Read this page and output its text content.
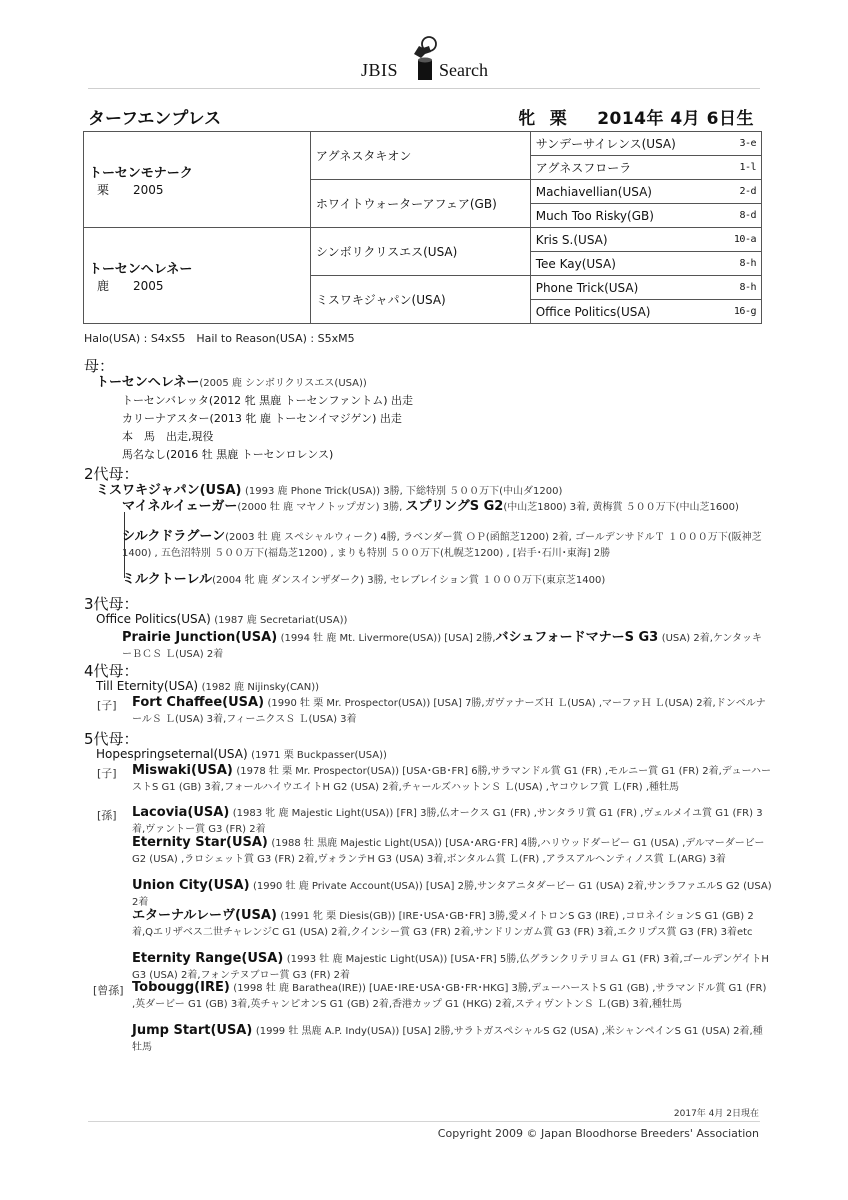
JBIS Search
ターフエンプレス	牝 栗 2014年 4月 6日生
トーセンモナーク
栗　　2005	アグネスタキオン	サンデーサイレンス(USA)	3-e
		アグネスフローラ	1-l
	ホワイトウォーターアフェア(GB)	Machiavellian(USA)	2-d
		Much Too Risky(GB)	8-d

トーセンヘレネー
鹿　　2005	シンボリクリスエス(USA)	Kris S.(USA)	10-a
		Tee Kay(USA)	8-h
	ミスワキジャパン(USA)	Phone Trick(USA)	8-h
		Office Politics(USA)	16-g
Halo(USA) : S4xS5　Hail to Reason(USA) : S5xM5
母：
トーセンヘレネー(2005 鹿 シンボリクリスエス(USA))
トーセンバレッタ(2012 牝 黒鹿 トーセンファントム) 出走
カリーナアスター(2013 牝 鹿 トーセンイマジゲン) 出走
本　馬　出走,現役
馬名なし(2016 牡 黒鹿 トーセンロレンス)
2代母：
ミスワキジャパン(USA) (1993 鹿 Phone Trick(USA)) 3勝, 下総特別 ５００万下(中山ダ1200)
マイネルイェーガー(2000 牡 鹿 マヤノトップガン) 3勝, スプリングS G2(中山芝1800) 3着, 黄梅賞 ５００万下(中山芝1600)
シルクドラグーン(2003 牡 鹿 スペシャルウィーク) 4勝, ラベンダー賞 ＯＰ(函館芝1200) 2着, ゴールデンサドルＴ １０００万下(阪神芝1400) , 五色沼特別 ５００万下(福島芝1200) , まりも特別 ５００万下(札幌芝1200) , [岩手･石川･東海] 2勝
ミルクトーレル(2004 牝 鹿 ダンスインザダーク) 3勝, セレブレイション賞 １０００万下(東京芝1400)
3代母：
Office Politics(USA) (1987 鹿 Secretariat(USA))
Prairie Junction(USA) (1994 牡 鹿 Mt. Livermore(USA)) [USA] 2勝,バシュフォードマナーS G3 (USA) 2着,ケンタッキーＢＣＳ Ｌ(USA) 2着
4代母：
Till Eternity(USA) (1982 鹿 Nijinsky(CAN))
[子] Fort Chaffee(USA) (1990 牡 栗 Mr. Prospector(USA)) [USA] 7勝,ガヴァナーズＨ Ｌ(USA) ,マーファＨ Ｌ(USA) 2着,ドンベルナールＳ Ｌ(USA) 3着,フィーニクスＳ Ｌ(USA) 3着
5代母：
Hopespringseternal(USA) (1971 栗 Buckpasser(USA))
[子] Miswaki(USA) (1978 牡 栗 Mr. Prospector(USA)) [USA･GB･FR] 6勝,サラマンドル賞 G1 (FR) ,モルニー賞 G1 (FR) 2着,デューハーストS G1 (GB) 3着,フォールハイウエイトH G2 (USA) 2着,チャールズハットンＳ Ｌ(USA) ,ヤコウレフ賞 Ｌ(FR) ,種牡馬
[孫] Lacovia(USA) (1983 牝 鹿 Majestic Light(USA)) [FR] 3勝,仏オークス G1 (FR) ,サンタラリ賞 G1 (FR) ,ヴェルメイユ賞 G1 (FR) 3着,ヴァントー賞 G3 (FR) 2着
Eternity Star(USA) (1988 牡 黒鹿 Majestic Light(USA)) [USA･ARG･FR] 4勝,ハリウッドダービー G1 (USA) ,デルマーダービー G2 (USA) ,ラロシェット賞 G3 (FR) 2着,ヴォランテH G3 (USA) 3着,ボンタルム賞 Ｌ(FR) ,アラスアルヘンティノス賞 Ｌ(ARG) 3着
Union City(USA) (1990 牡 鹿 Private Account(USA)) [USA] 2勝,サンタアニタダービー G1 (USA) 2着,サンラファエルS G2 (USA) 2着
エターナルレーヴ(USA) (1991 牝 栗 Diesis(GB)) [IRE･USA･GB･FR] 3勝,愛メイトロンS G3 (IRE) ,コロネイションS G1 (GB) 2着,Qエリザベス二世チャレンジC G1 (USA) 2着,クインシー賞 G3 (FR) 2着,サンドリンガム賞 G3 (FR) 3着,エクリプス賞 G3 (FR) 3着etc
Eternity Range(USA) (1993 牡 鹿 Majestic Light(USA)) [USA･FR] 5勝,仏グランクリテリヨム G1 (FR) 3着,ゴールデンゲイトH G3 (USA) 2着,フォンテヌブロー賞 G3 (FR) 2着
[曾孫] Tobougg(IRE) (1998 牡 鹿 Barathea(IRE)) [UAE･IRE･USA･GB･FR･HKG] 3勝,デューハーストS G1 (GB) ,サラマンドル賞 G1 (FR) ,英ダービー G1 (GB) 3着,英チャンピオンS G1 (GB) 2着,香港カップ G1 (HKG) 2着,スティヴントンＳ Ｌ(GB) 3着,種牡馬
Jump Start(USA) (1999 牡 黒鹿 A.P. Indy(USA)) [USA] 2勝,サラトガスペシャルS G2 (USA) ,米シャンペインS G1 (USA) 2着,種牡馬
2017年 4月 2日現在
Copyright 2009 © Japan Bloodhorse Breeders' Association
